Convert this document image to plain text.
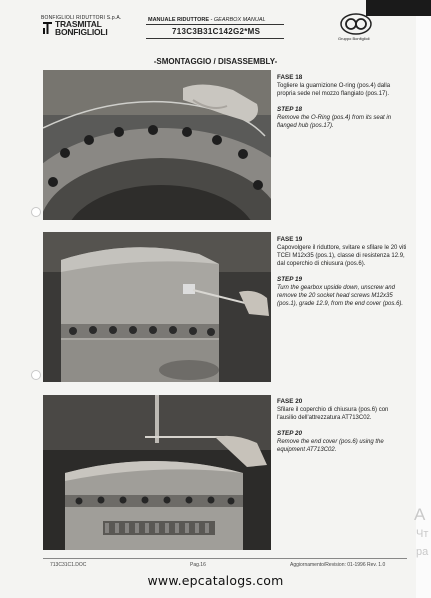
BONFIGLIOLI RIDUTTORI S.p.A.
TRASMITAL
BONFIGLIOLI
MANUALE RIDUTTORE - GEARBOX MANUAL
713C3B31C142G2*MS
Gruppo Bonfiglioli
-SMONTAGGIO / DISASSEMBLY-
FASE 18
Togliere la guarnizione O-ring (pos.4) dalla propria sede nel mozzo flangiato (pos.17).
STEP 18
Remove the O-Ring (pos.4) from its seat in flanged hub (pos.17).
FASE 19
Capovolgere il riduttore, svitare e sfilare le 20 viti TCEI M12x35 (pos.1), classe di resistenza 12.9, dal coperchio di chiusura (pos.6).
STEP 19
Turn the gearbox upside down, unscrew and remove the 20 socket head screws M12x35 (pos.1), grade 12.9, from the end cover (pos.6).
FASE 20
Sfilare il coperchio di chiusura (pos.6) con l'ausilio dell'attrezzatura AT713C02.
STEP 20
Remove the end cover (pos.6) using the equipment AT713C02.
713C31C1.DOC	Pag.16	Aggiornamento/Revision: 01-1996 Rev. 1.0
A
Чт
ра
www.epcatalogs.com
